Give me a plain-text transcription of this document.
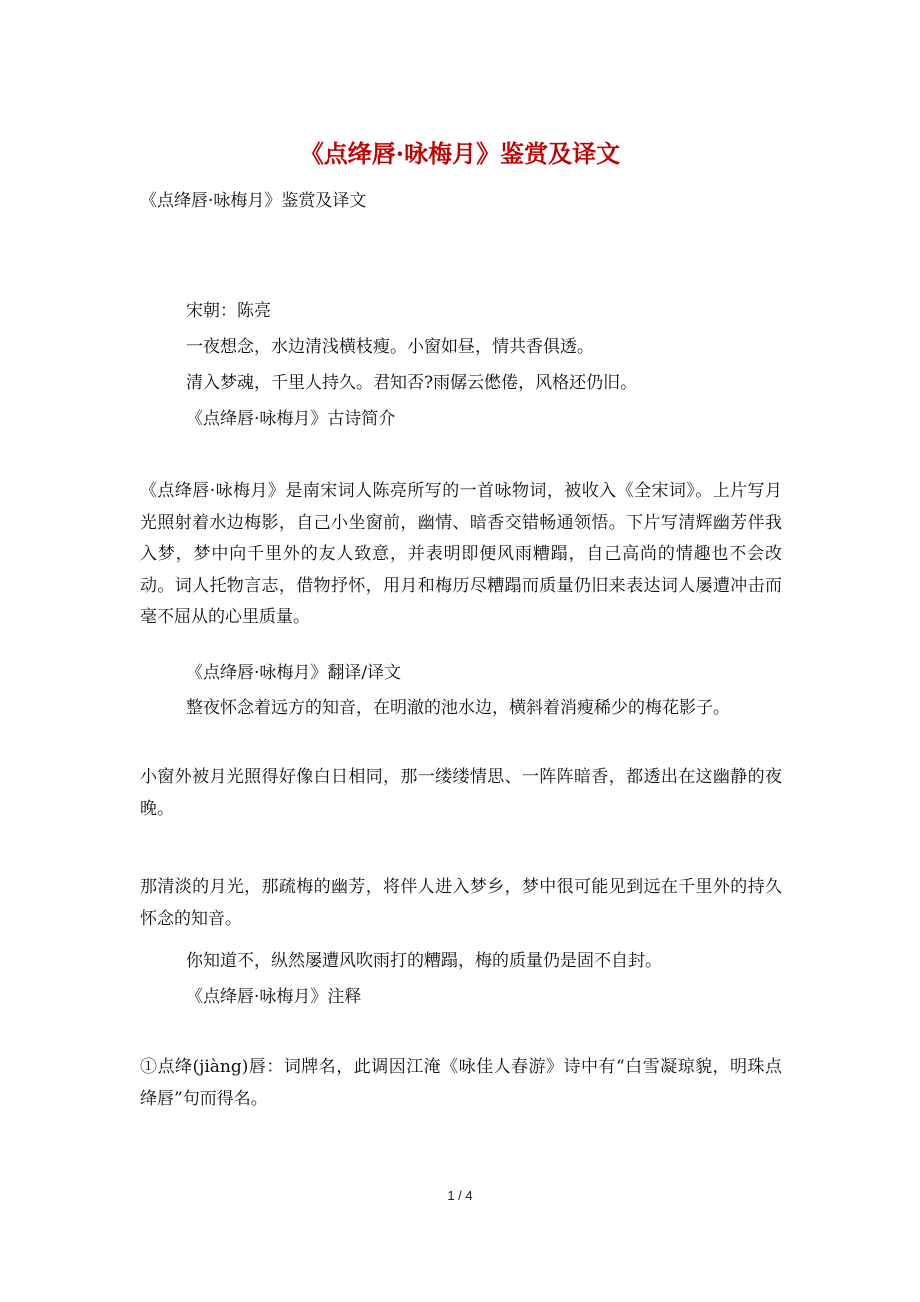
《点绛唇·咏梅月》鉴赏及译文
《点绛唇·咏梅月》鉴赏及译文
宋朝：陈亮
一夜想念，水边清浅横枝瘦。小窗如昼，情共香俱透。
清入梦魂，千里人持久。君知否?雨僝云僽倦，风格还仍旧。
《点绛唇·咏梅月》古诗简介
《点绛唇·咏梅月》是南宋词人陈亮所写的一首咏物词，被收入《全宋词》。上片写月光照射着水边梅影，自己小坐窗前，幽情、暗香交错畅通领悟。下片写清辉幽芳伴我入梦，梦中向千里外的友人致意，并表明即便风雨糟蹋，自己高尚的情趣也不会改动。词人托物言志，借物抒怀，用月和梅历尽糟蹋而质量仍旧来表达词人屡遭冲击而毫不屈从的心里质量。
《点绛唇·咏梅月》翻译/译文
整夜怀念着远方的知音，在明澈的池水边，横斜着消瘦稀少的梅花影子。
小窗外被月光照得好像白日相同，那一缕缕情思、一阵阵暗香，都透出在这幽静的夜晚。
那清淡的月光，那疏梅的幽芳，将伴人进入梦乡，梦中很可能见到远在千里外的持久怀念的知音。
你知道不，纵然屡遭风吹雨打的糟蹋，梅的质量仍是固不自封。
《点绛唇·咏梅月》注释
①点绛(jiàng)唇：词牌名，此调因江淹《咏佳人春游》诗中有“白雪凝琼貌，明珠点绛唇”句而得名。
1 / 4
